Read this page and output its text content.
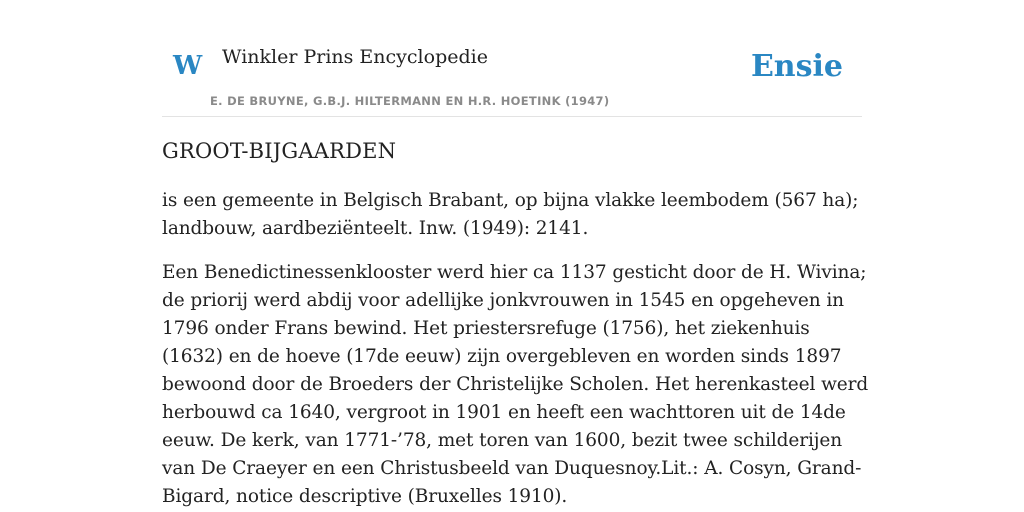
W Winkler Prins Encyclopedie
E. DE BRUYNE, G.B.J. HILTERMANN EN H.R. HOETINK (1947)
Ensie
GROOT-BIJGAARDEN

is een gemeente in Belgisch Brabant, op bijna vlakke leembodem (567 ha); landbouw, aardbeziënteelt. Inw. (1949): 2141.

Een Benedictinessenklooster werd hier ca 1137 gesticht door de H. Wivina; de priorij werd abdij voor adellijke jonkvrouwen in 1545 en opgeheven in 1796 onder Frans bewind. Het priestersrefuge (1756), het ziekenhuis (1632) en de hoeve (17de eeuw) zijn overgebleven en worden sinds 1897 bewoond door de Broeders der Christelijke Scholen. Het herenkasteel werd herbouwd ca 1640, vergroot in 1901 en heeft een wachttoren uit de 14de eeuw. De kerk, van 1771-’78, met toren van 1600, bezit twee schilderijen van De Craeyer en een Christusbeeld van Duquesnoy.Lit.: A. Cosyn, Grand-Bigard, notice descriptive (Bruxelles 1910).
